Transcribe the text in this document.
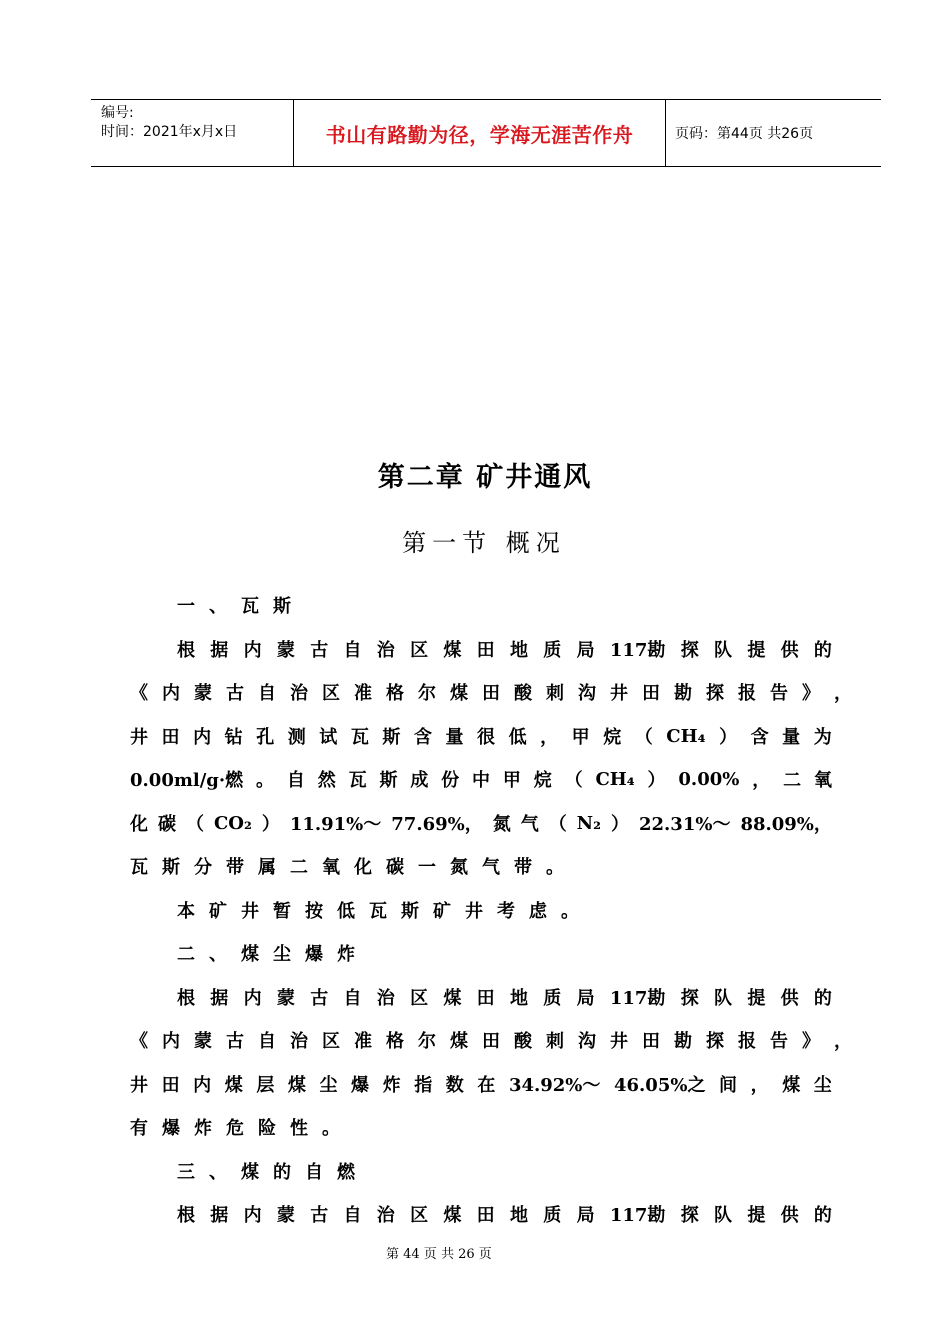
编号:
时间：2021年x月x日	书山有路勤为径，学海无涯苦作舟	页码：第44页 共26页
第二章 矿井通风
第一节 概况
一 、 瓦 斯
根 据 内 蒙 古 自 治 区 煤 田 地 质 局 117勘 探 队 提 供 的
《 内 蒙 古 自 治 区 准 格 尔 煤 田 酸 刺 沟 井 田 勘 探 报 告 》 ，
井 田 内 钻 孔 测 试 瓦 斯 含 量 很 低 ， 甲 烷 （ CH₄ ） 含 量 为
0.00ml/g·燃 。 自 然 瓦 斯 成 份 中 甲 烷 （ CH₄ ） 0.00% ， 二 氧
化 碳 （ CO₂ ） 11.91%～ 77.69%， 氮 气 （ N₂ ） 22.31%～ 88.09%，
瓦 斯 分 带 属 二 氧 化 碳 一 氮 气 带 。
本 矿 井 暂 按 低 瓦 斯 矿 井 考 虑 。
二 、 煤 尘 爆 炸
根 据 内 蒙 古 自 治 区 煤 田 地 质 局 117勘 探 队 提 供 的
《 内 蒙 古 自 治 区 准 格 尔 煤 田 酸 刺 沟 井 田 勘 探 报 告 》 ，
井 田 内 煤 层 煤 尘 爆 炸 指 数 在 34.92%～ 46.05%之 间 ， 煤 尘
有 爆 炸 危 险 性 。
三 、 煤 的 自 燃
根 据 内 蒙 古 自 治 区 煤 田 地 质 局 117勘 探 队 提 供 的
第 44 页 共 26 页
